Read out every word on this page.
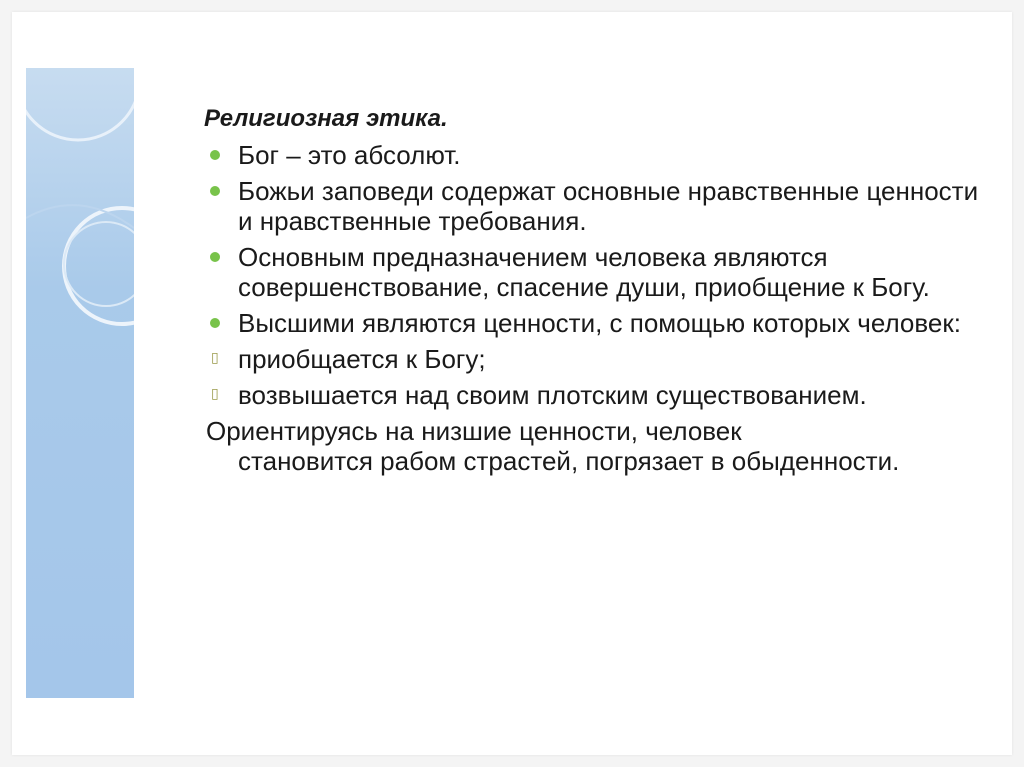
Религиозная этика.
Бог – это абсолют.
Божьи заповеди содержат основные нравственные ценности и нравственные требования.
Основным предназначением человека являются совершенствование, спасение души, приобщение к Богу.
Высшими являются ценности, с помощью которых человек:
▯ приобщается к Богу;
▯ возвышается над своим плотским существованием.
Ориентируясь на низшие ценности, человек
становится рабом страстей, погрязает в обыденности.
